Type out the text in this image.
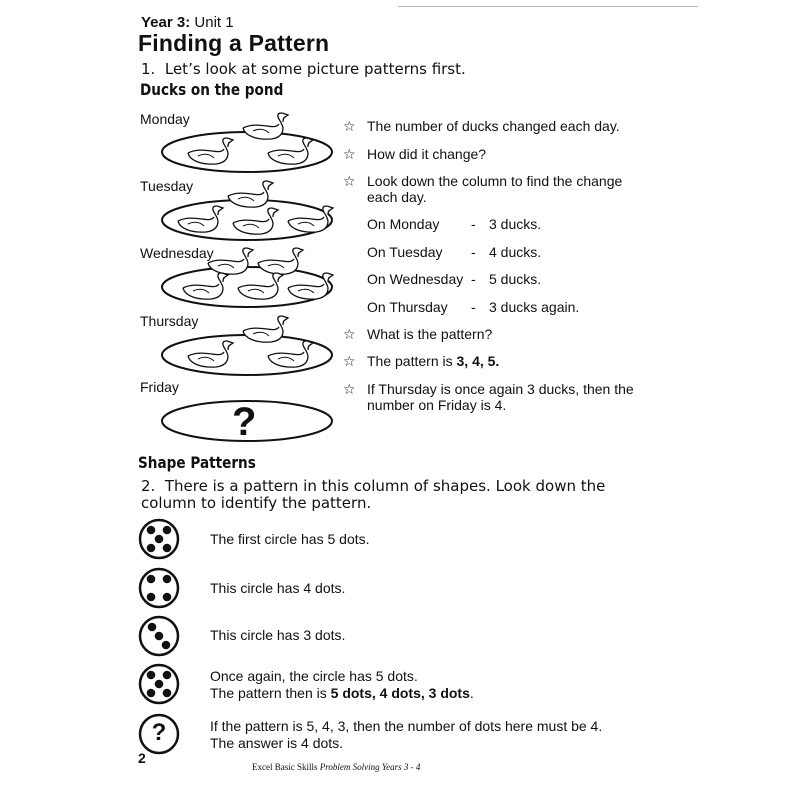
Year 3: Unit 1
Finding a Pattern
1. Let’s look at some picture patterns first.
Ducks on the pond
Monday
Tuesday
Wednesday
Thursday
Friday
?
☆ The number of ducks changed each day.
☆ How did it change?
☆ Look down the column to find the change each day.
On Monday - 3 ducks.
On Tuesday - 4 ducks.
On Wednesday - 5 ducks.
On Thursday - 3 ducks again.
☆ What is the pattern?
☆ The pattern is 3, 4, 5.
☆ If Thursday is once again 3 ducks, then the number on Friday is 4.
Shape Patterns
2. There is a pattern in this column of shapes. Look down the column to identify the pattern.
?
The first circle has 5 dots.
This circle has 4 dots.
This circle has 3 dots.
Once again, the circle has 5 dots.
The pattern then is 5 dots, 4 dots, 3 dots.
If the pattern is 5, 4, 3, then the number of dots here must be 4.
The answer is 4 dots.
2
Excel Basic Skills Problem Solving Years 3 - 4
